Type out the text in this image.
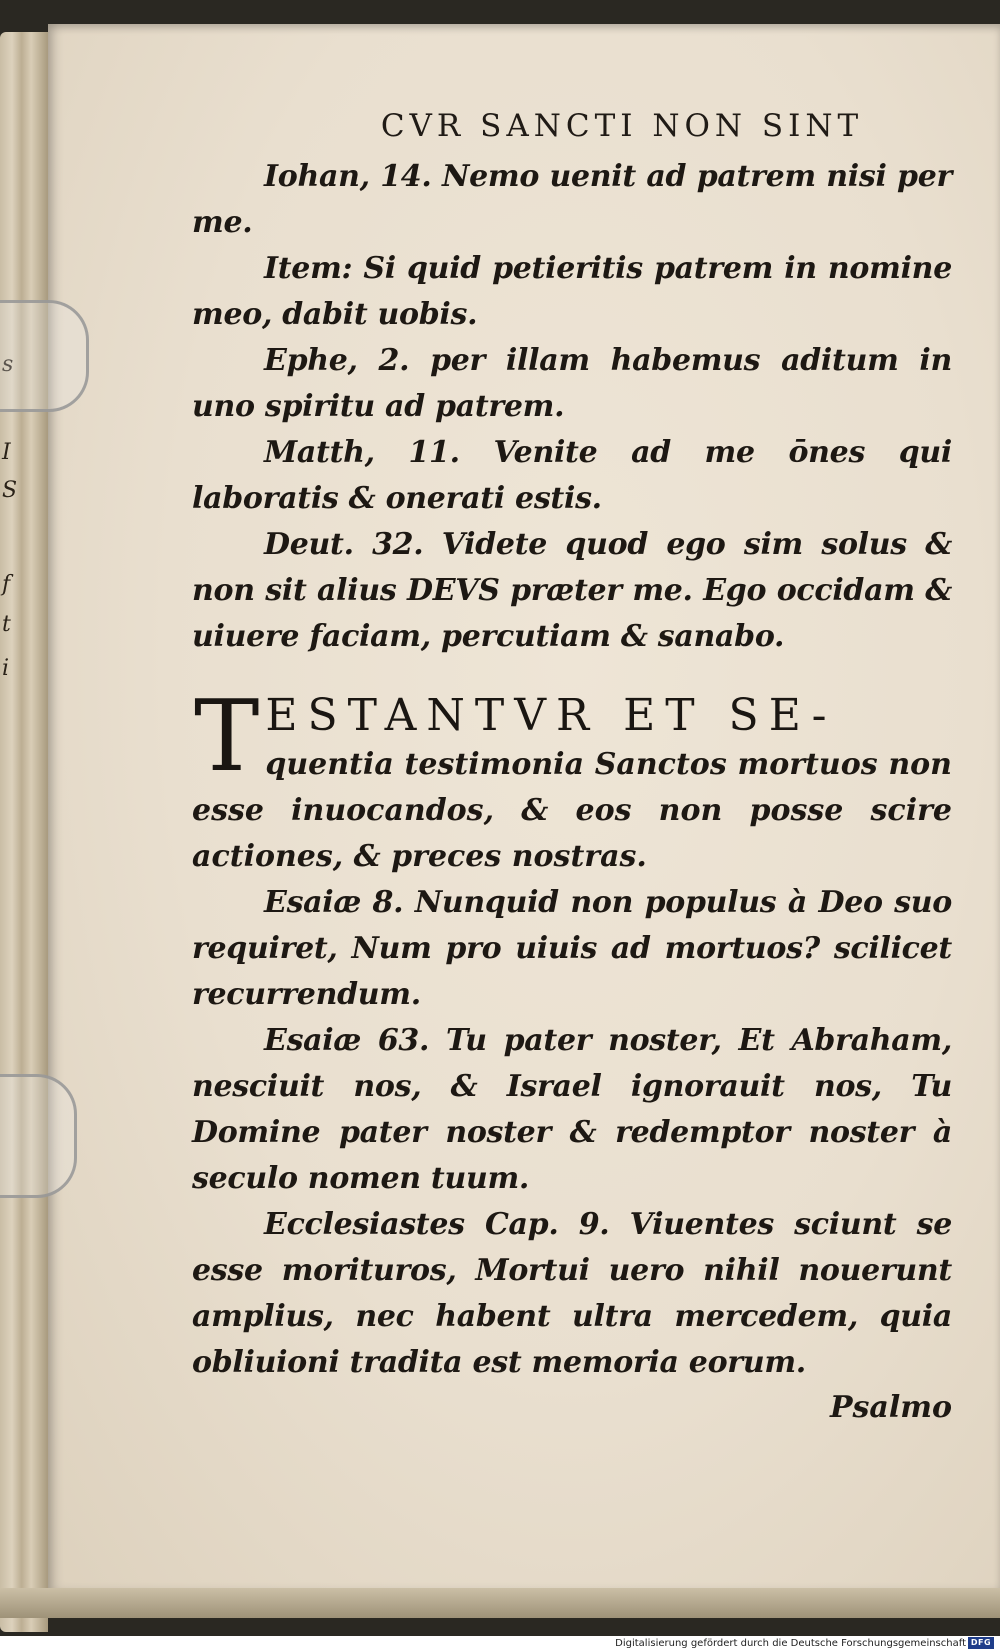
s
I
S
f
t
i
CVR SANCTI NON SINT

Iohan, 14. Nemo uenit ad patrem nisi per me.

Item: Si quid petieritis patrem in nomine meo, dabit uobis.

Ephe, 2. per illam habemus aditum in uno spiritu ad patrem.

Matth, 11. Venite ad me ōnes qui laboratis & onerati estis.

Deut. 32. Videte quod ego sim solus & non sit alius DEVS præter me. Ego occidam & uiuere faciam, percutiam & sanabo.

T ESTANTVR ET SE-
quentia testimonia Sanctos mortuos non esse inuocandos, & eos non posse scire actiones, & preces nostras.

Esaiæ 8. Nunquid non populus à Deo suo requiret, Num pro uiuis ad mortuos? scilicet recurrendum.

Esaiæ 63. Tu pater noster, Et Abraham, nesciuit nos, & Israel ignorauit nos, Tu Domine pater noster & redemptor noster à seculo nomen tuum.

Ecclesiastes Cap. 9. Viuentes sciunt se esse morituros, Mortui uero nihil nouerunt amplius, nec habent ultra mercedem, quia obliuioni tradita est memoria eorum.

Psalmo
Digitalisierung gefördert durch die Deutsche Forschungsgemeinschaft DFG
